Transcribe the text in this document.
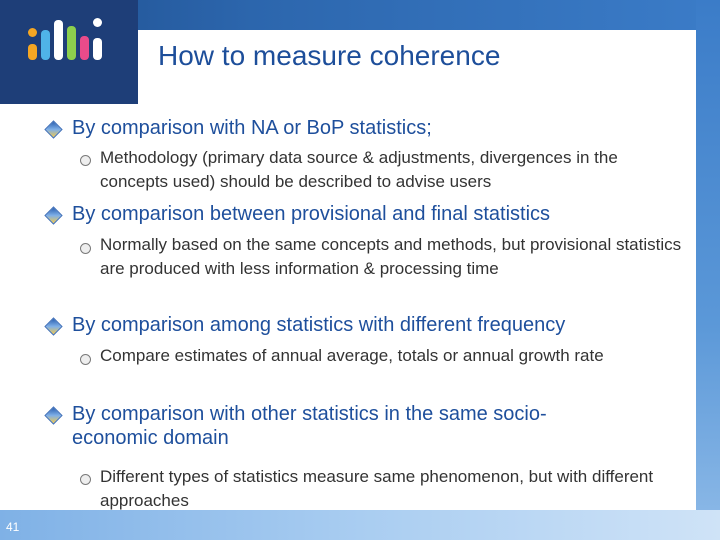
How to measure coherence
By comparison with NA or BoP statistics;
Methodology (primary data source & adjustments, divergences in the concepts used) should be described to advise users
By comparison between provisional and final statistics
Normally based on the same concepts and methods, but provisional statistics are produced with less information & processing time
By comparison among statistics with different frequency
Compare estimates of annual average, totals or annual growth rate
By comparison with other statistics in the same socio-economic domain
Different types of statistics measure same phenomenon, but with different approaches
41
